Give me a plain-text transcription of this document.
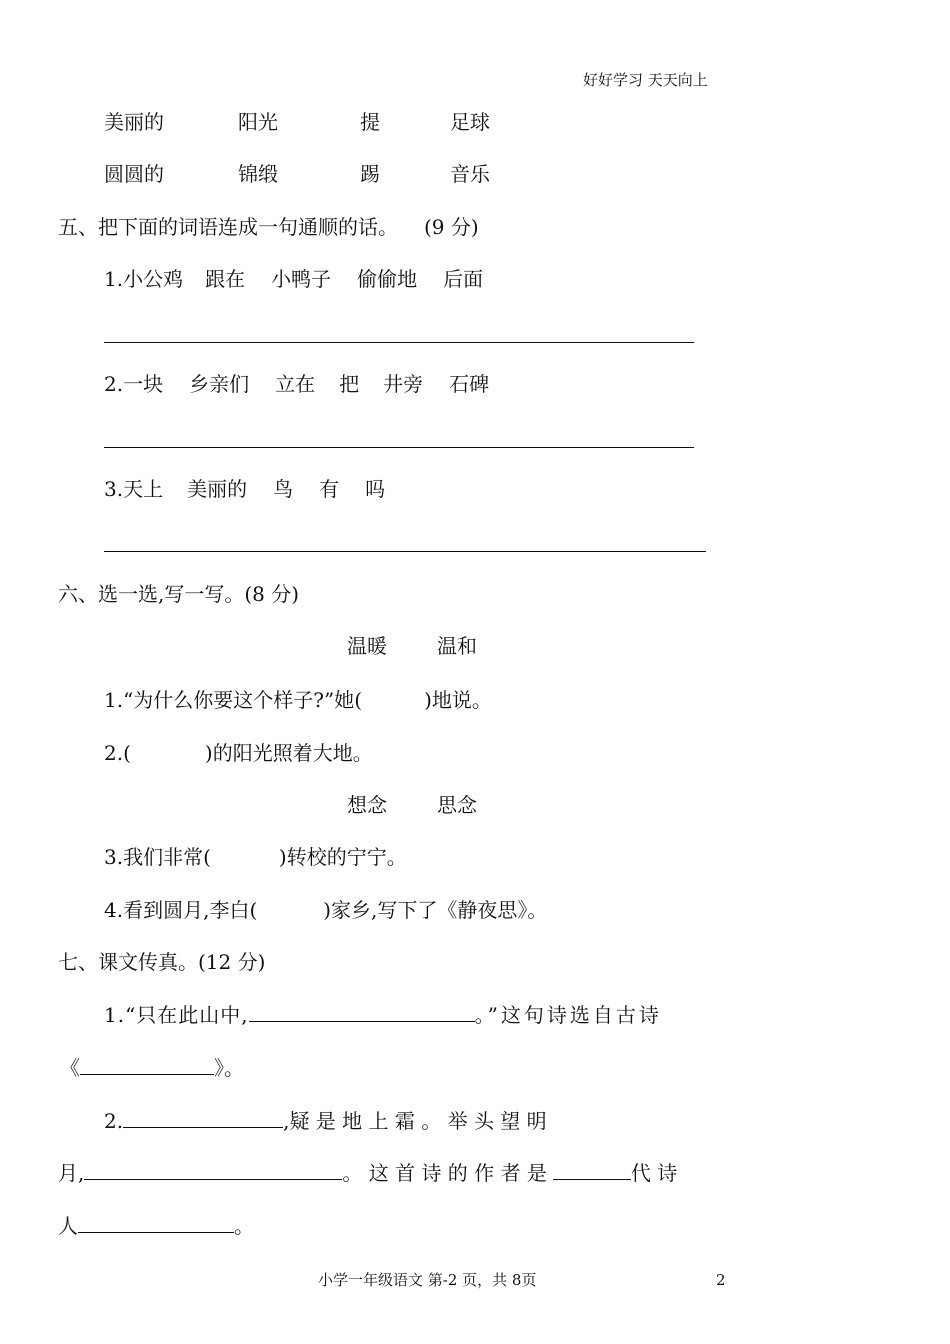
好好学习 天天向上
美丽的	阳光	提	足球
圆圆的	锦缎	踢	音乐
五、把下面的词语连成一句通顺的话。 (9 分)
1.小公鸡 跟在 小鸭子 偷偷地 后面
2.一块 乡亲们 立在 把 井旁 石碑
3.天上 美丽的 鸟 有 吗
六、选一选,写一写。(8 分)
温暖	温和
1.“为什么你要这个样子?”她(	)地说。
2.(	)的阳光照着大地。
想念	思念
3.我们非常(	)转校的宁宁。
4.看到圆月,李白(	)家乡,写下了《静夜思》。
七、课文传真。(12 分)
1.“只在此山中,	。”这句诗选自古诗
《	》。
2.	,疑 是 地 上 霜 。 举 头 望 明
月,	。 这 首 诗 的 作 者 是	代 诗
人	。
小学一年级语文 第-2 页，共 8页	2
